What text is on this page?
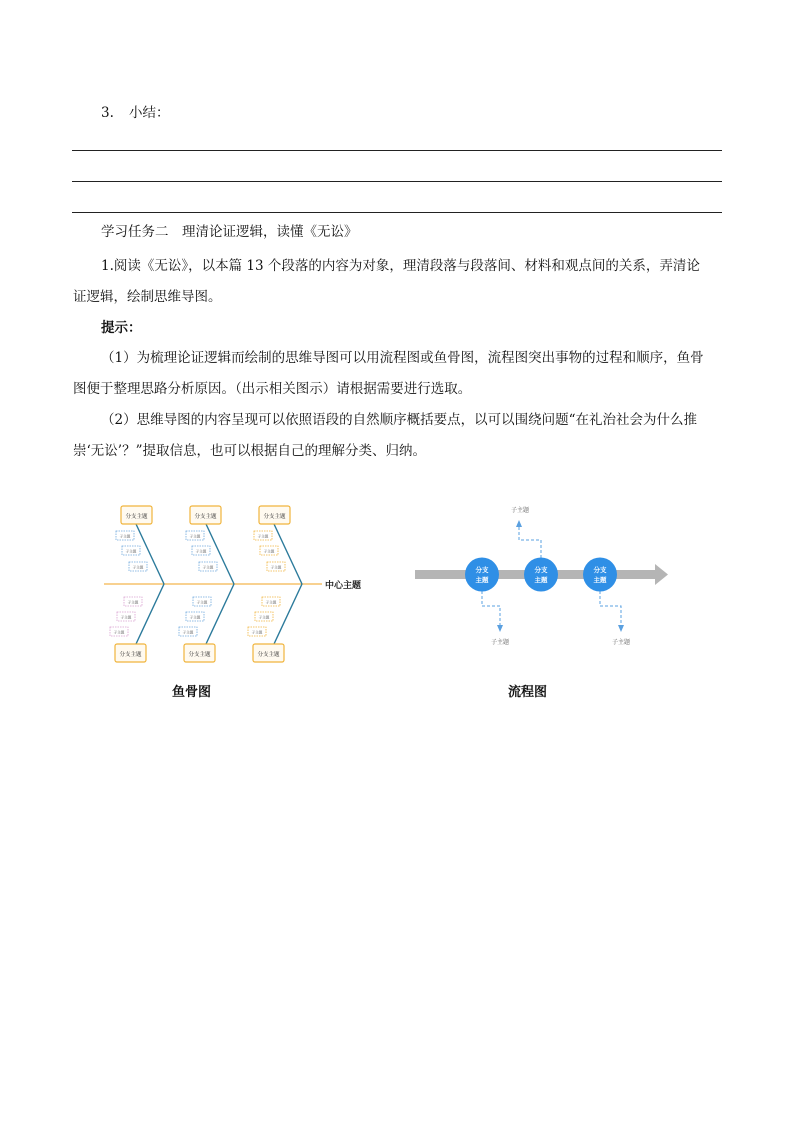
3. 小结：
学习任务二　理清论证逻辑，读懂《无讼》
1.阅读《无讼》，以本篇 13 个段落的内容为对象，理清段落与段落间、材料和观点间的关系，弄清论
证逻辑，绘制思维导图。
提示：
（1）为梳理论证逻辑而绘制的思维导图可以用流程图或鱼骨图，流程图突出事物的过程和顺序，鱼骨
图便于整理思路分析原因。（出示相关图示）请根据需要进行选取。
（2）思维导图的内容呈现可以依照语段的自然顺序概括要点，以可以围绕问题“在礼治社会为什么推
崇‘无讼’？”提取信息，也可以根据自己的理解分类、归纳。
中心主题
分支主题	分支主题	分支主题
分支主题	分支主题	分支主题
子主题
子主题
子主题
子主题
子主题
子主题
子主题
子主题
子主题
子主题
子主题
子主题
子主题
子主题
子主题
子主题
子主题
子主题
鱼骨图
分支
主题
分支
主题
分支
主题
子主题
子主题	子主题
流程图
